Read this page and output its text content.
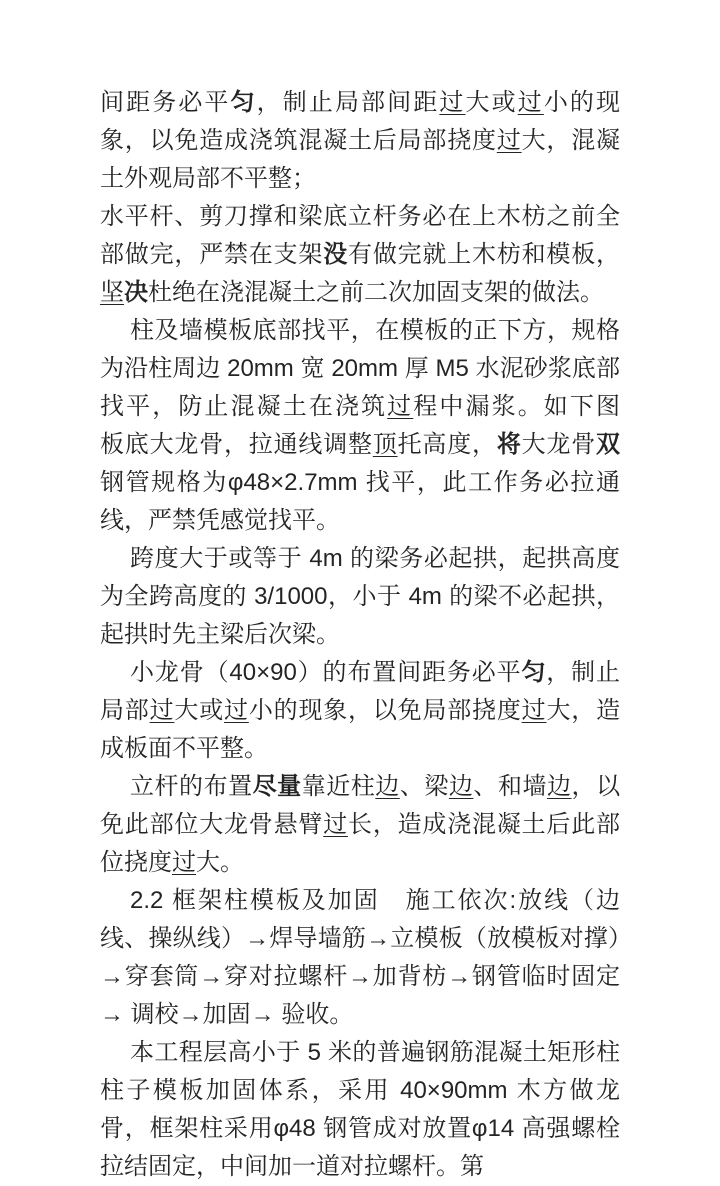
间距务必平匀，制止局部间距过大或过小的现象，以免造成浇筑混凝土后局部挠度过大，混凝土外观局部不平整；

水平杆、剪刀撑和梁底立杆务必在上木枋之前全部做完，严禁在支架没有做完就上木枋和模板，坚决杜绝在浇混凝土之前二次加固支架的做法。

柱及墙模板底部找平，在模板的正下方，规格为沿柱周边 20mm 宽 20mm 厚 M5 水泥砂浆底部找平，防止混凝土在浇筑过程中漏浆。如下图　 板底大龙骨，拉通线调整顶托高度，将大龙骨双钢管规格为φ48×2.7mm 找平，此工作务必拉通线，严禁凭感觉找平。

跨度大于或等于 4m 的梁务必起拱，起拱高度为全跨高度的 3/1000，小于 4m 的梁不必起拱，起拱时先主梁后次梁。

小龙骨（40×90）的布置间距务必平匀，制止局部过大或过小的现象，以免局部挠度过大，造成板面不平整。

立杆的布置尽量靠近柱边、梁边、和墙边，以免此部位大龙骨悬臂过长，造成浇混凝土后此部位挠度过大。

2.2 框架柱模板及加固　施工依次:放线（边线、操纵线）→焊导墙筋→立模板（放模板对撑）→穿套筒→穿对拉螺杆→加背枋→钢管临时固定→ 调校→加固→ 验收。

本工程层高小于 5 米的普遍钢筋混凝土矩形柱柱子模板加固体系，采用 40×90mm 木方做龙骨，框架柱采用φ48 钢管成对放置φ14 高强螺栓拉结固定，中间加一道对拉螺杆。第
